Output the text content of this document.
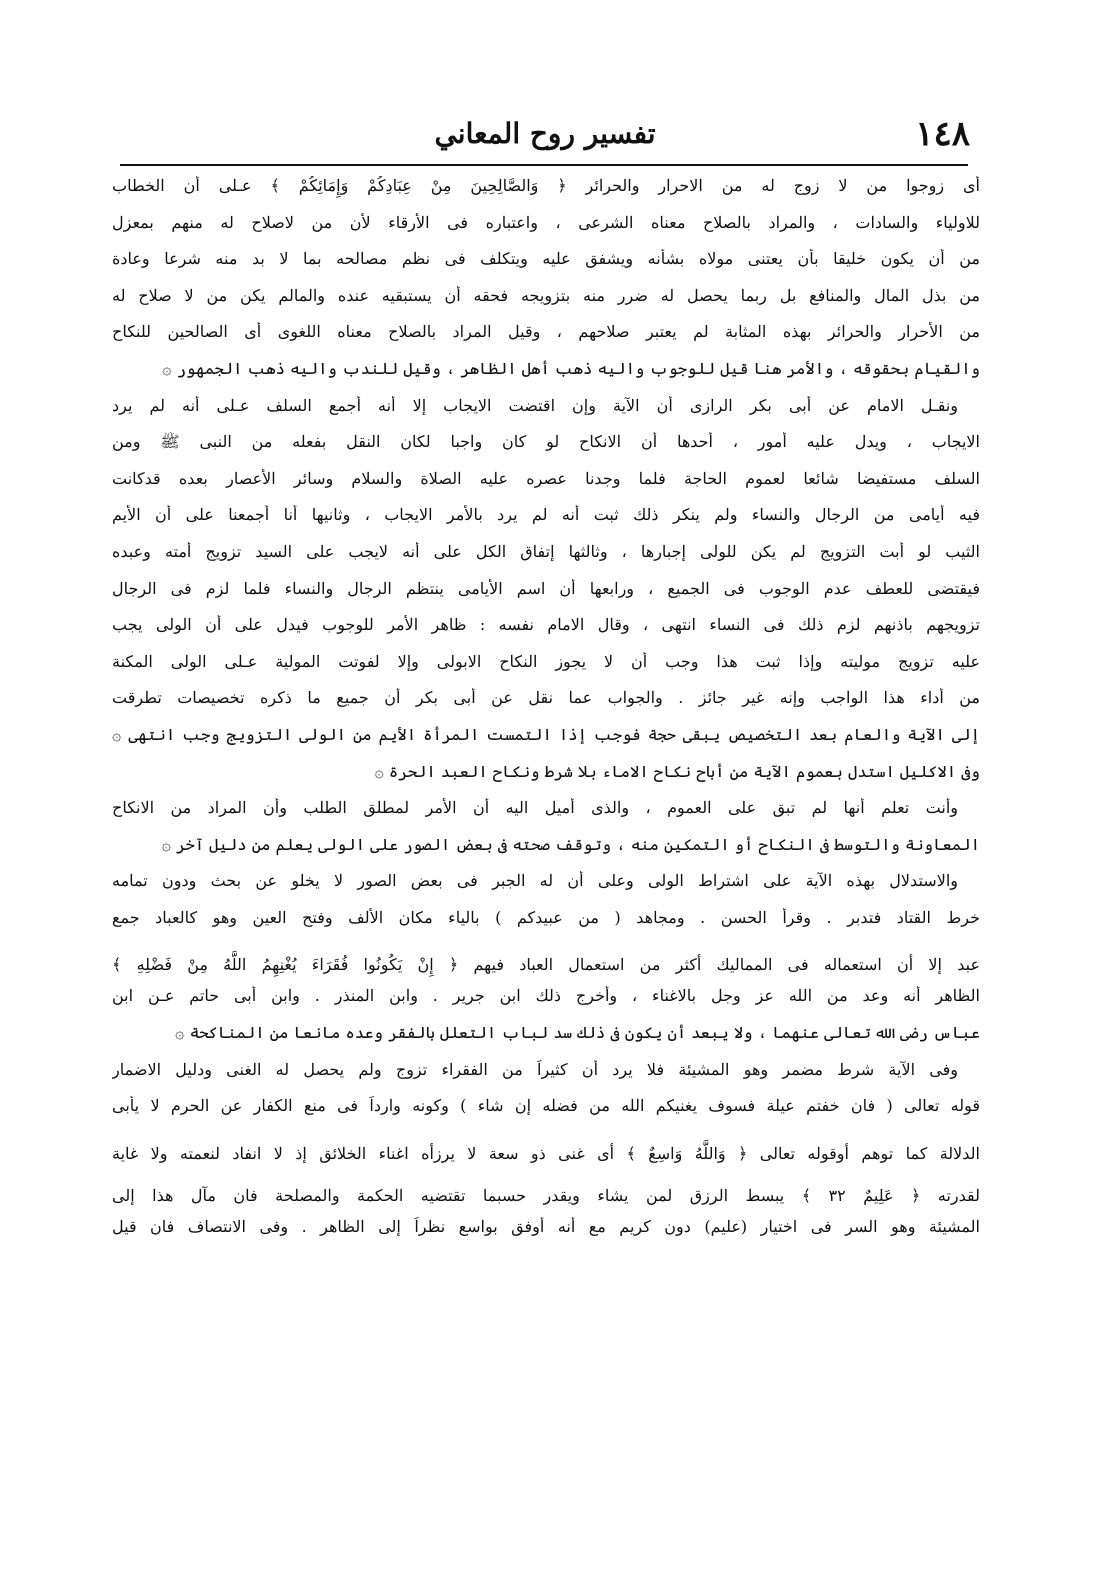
١٤٨
تفسير روح المعاني
أى زوجوا من لا زوج له من الاحرار والحرائر ﴿ وَالصَّالِحِينَ مِنْ عِبَادِكُمْ وَإِمَائِكُمْ ﴾ عـلى أن الخطاب
للاولياء والسادات ، والمراد بالصلاح معناه الشرعى ، واعتباره فى الأرقاء لأن من لاصلاح له منهم بمعزل
من أن يكون خليقا بأن يعتنى مولاه بشأنه ويشفق عليه ويتكلف فى نظم مصالحه بما لا بد منه شرعا وعادة
من بذل المال والمنافع بل ربما يحصل له ضرر منه بتزويجه فحقه أن يستبقيه عنده والمالم يكن من لا صلاح له
من الأحرار والحرائر بهذه المثابة لم يعتبر صلاحهم ، وقيل المراد بالصلاح معناه اللغوى أى الصالحين للنكاح
والقيام بحقوقه ، والأمر هنا قيل للوجوب واليه ذهب أهل الظاهر ، وقيل للندب واليه ذهب الجمهور ۞
ونقـل الامام عن أبى بكر الرازى أن الآية وإن اقتضت الايجاب إلا أنه أجمع السلف عـلى أنه لم يرد
الايجاب ، ويدل عليه أمور ، أحدها أن الانكاح لو كان واجبا لكان النقل بفعله من النبى ﷺ ومن
السلف مستفيضا شائعا لعموم الحاجة فلما وجدنا عصره عليه الصلاة والسلام وسائر الأعصار بعده قدكانت
فيه أيامى من الرجال والنساء ولم ينكر ذلك ثبت أنه لم يرد بالأمر الايجاب ، وثانيها أنا أجمعنا على أن الأيم
الثيب لو أبت التزويج لم يكن للولى إجبارها ، وثالثها إتفاق الكل على أنه لايجب على السيد تزويج أمته وعبده
فيقتضى للعطف عدم الوجوب فى الجميع ، ورابعها أن اسم الأيامى ينتظم الرجال والنساء فلما لزم فى الرجال
تزويجهم باذنهم لزم ذلك فى النساء انتهى ، وقال الامام نفسه : ظاهر الأمر للوجوب فيدل على أن الولى يجب
عليه تزويج موليته وإذا ثبت هذا وجب أن لا يجوز النكاح الابولى وإلا لفوتت المولية عـلى الولى المكنة
من أداء هذا الواجب وإنه غير جائز . والجواب عما نقل عن أبى بكر أن جميع ما ذكره تخصيصات تطرقت
إلى الآية والعام بعد التخصيص يبقى حجة فوجب إذا التمست المرأة الأيم من الولى التزويج وجب انتهى ۞
وفى الاكليل استدل بعموم الآية من أباح نكاح الاماء بلا شرط ونكاح العبد الحرة ۞
وأنت تعلم أنها لم تبق على العموم ، والذى أميل اليه أن الأمر لمطلق الطلب وأن المراد من الانكاح
المعاونة والتوسط فى النكاح أو التمكين منه ، وتوقف صحته فى بعض الصور على الولى يعلم من دليل آخر ۞
والاستدلال بهذه الآية على اشتراط الولى وعلى أن له الجبر فى بعض الصور لا يخلو عن بحث ودون تمامه
خرط القتاد فتدبر . وقرأ الحسن . ومجاهد ( من عبيدكم ) بالياء مكان الألف وفتح العين وهو كالعباد جمع
عبد إلا أن استعماله فى المماليك أكثر من استعمال العباد فيهم ﴿ إِنْ يَكُونُوا فُقَرَاءَ يُغْنِهِمُ اللَّهُ مِنْ فَضْلِهِ ﴾
الظاهر أنه وعد من الله عز وجل بالاغناء ، وأخرج ذلك ابن جرير . وابن المنذر . وابن أبى حاتم عـن ابن
عباس رضى الله تعالى عنهما ، ولا يبعد أن يكون فى ذلك سد لباب التعلل بالفقر وعده مانعا من المناكحة ۞
وفى الآية شرط مضمر وهو المشيئة فلا يرد أن كثيراً من الفقراء تزوج ولم يحصل له الغنى ودليل الاضمار
قوله تعالى ( فان خفتم عيلة فسوف يغنيكم الله من فضله إن شاء ) وكونه وارداً فى منع الكفار عن الحرم لا يأبى
الدلالة كما توهم أوقوله تعالى ﴿ وَاللَّهُ وَاسِعٌ ﴾ أى غنى ذو سعة لا يرزأه اغناء الخلائق إذ لا انفاد لنعمته ولا غاية
لقدرته ﴿ عَلِيمٌ ٣٢ ﴾ يبسط الرزق لمن يشاء ويقدر حسبما تقتضيه الحكمة والمصلحة فان مآل هذا إلى
المشيئة وهو السر فى اختيار (عليم) دون كريم مع أنه أوفق بواسع نظراً إلى الظاهر . وفى الانتصاف فان قيل
